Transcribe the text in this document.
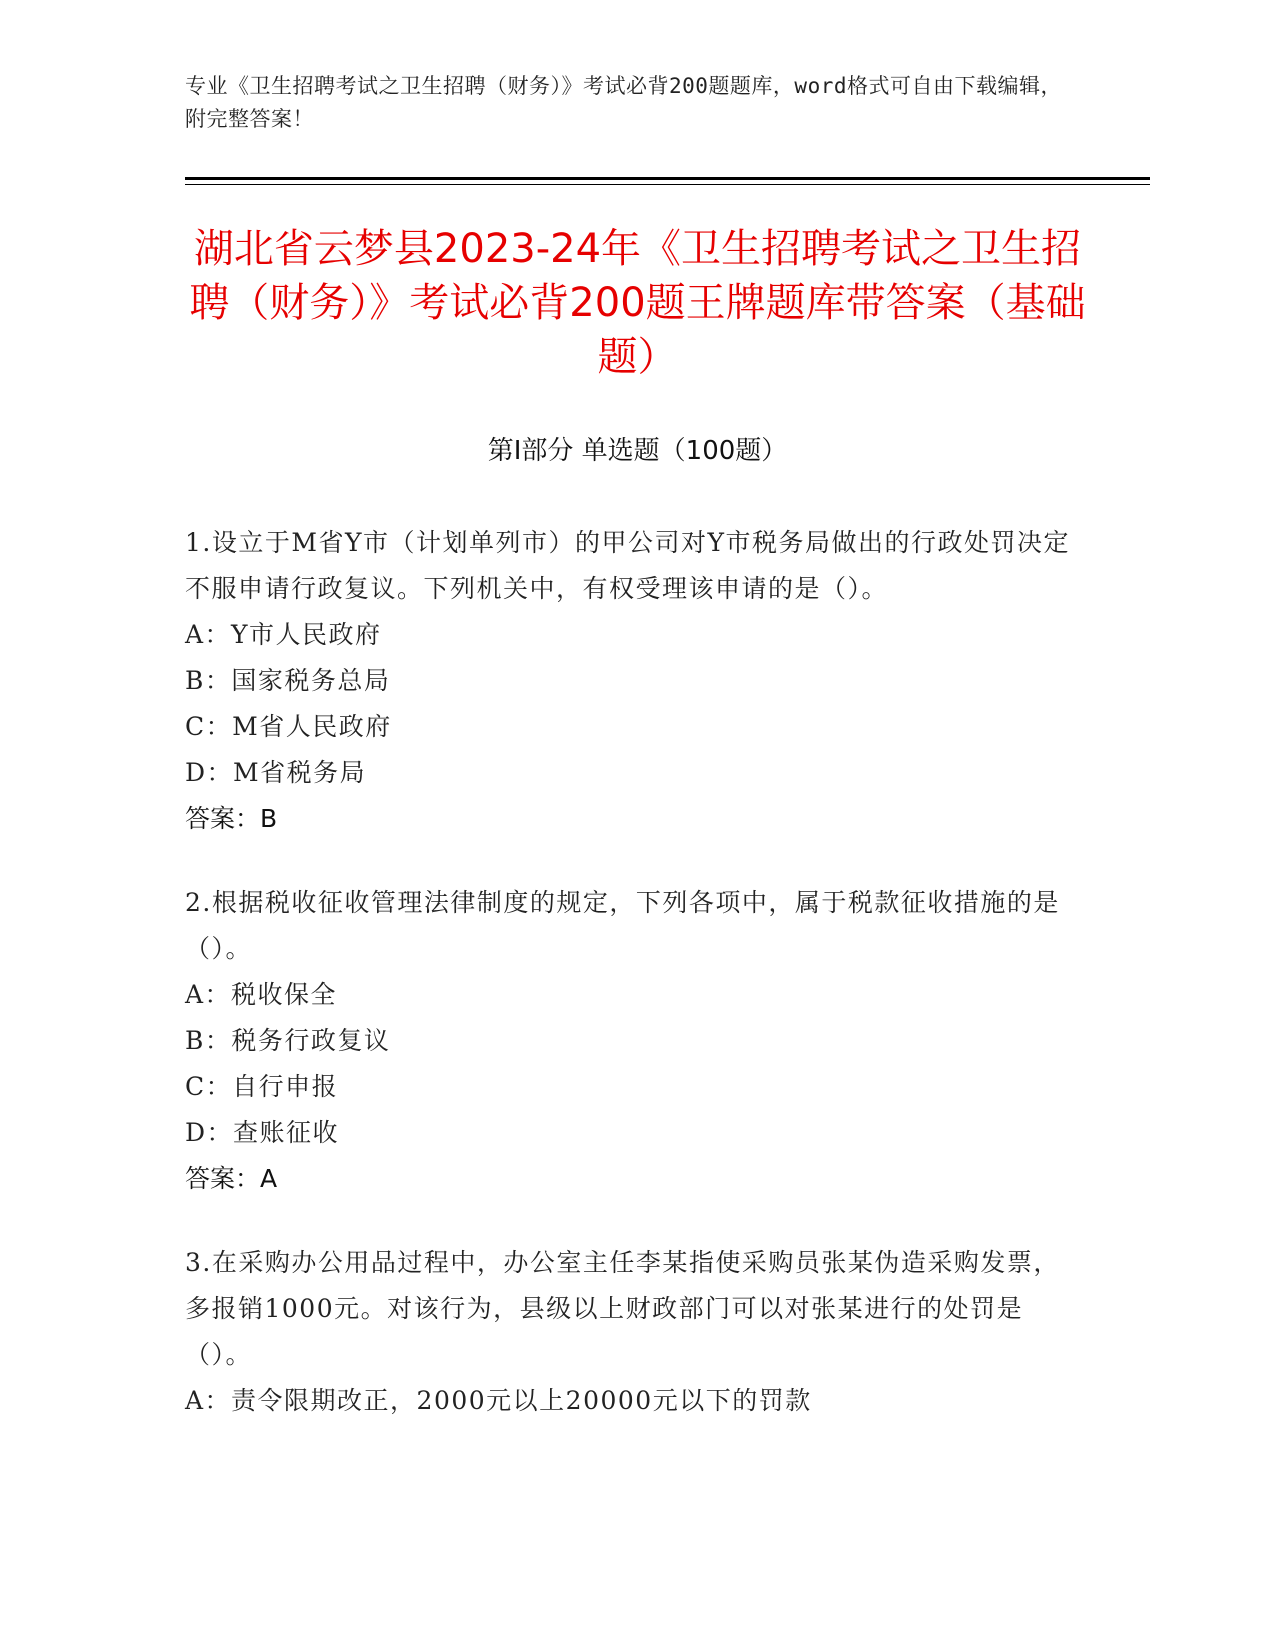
专业《卫生招聘考试之卫生招聘（财务）》考试必背200题题库，word格式可自由下载编辑，附完整答案！
湖北省云梦县2023-24年《卫生招聘考试之卫生招聘（财务）》考试必背200题王牌题库带答案（基础题）
第Ⅰ部分 单选题（100题）

1.设立于M省Y市（计划单列市）的甲公司对Y市税务局做出的行政处罚决定不服申请行政复议。下列机关中，有权受理该申请的是（）。

A：Y市人民政府

B：国家税务总局

C：M省人民政府

D：M省税务局

答案：B

2.根据税收征收管理法律制度的规定，下列各项中，属于税款征收措施的是（）。

A：税收保全

B：税务行政复议

C：自行申报

D：查账征收

答案：A

3.在采购办公用品过程中，办公室主任李某指使采购员张某伪造采购发票，多报销1000元。对该行为，县级以上财政部门可以对张某进行的处罚是（）。

A：责令限期改正，2000元以上20000元以下的罚款
